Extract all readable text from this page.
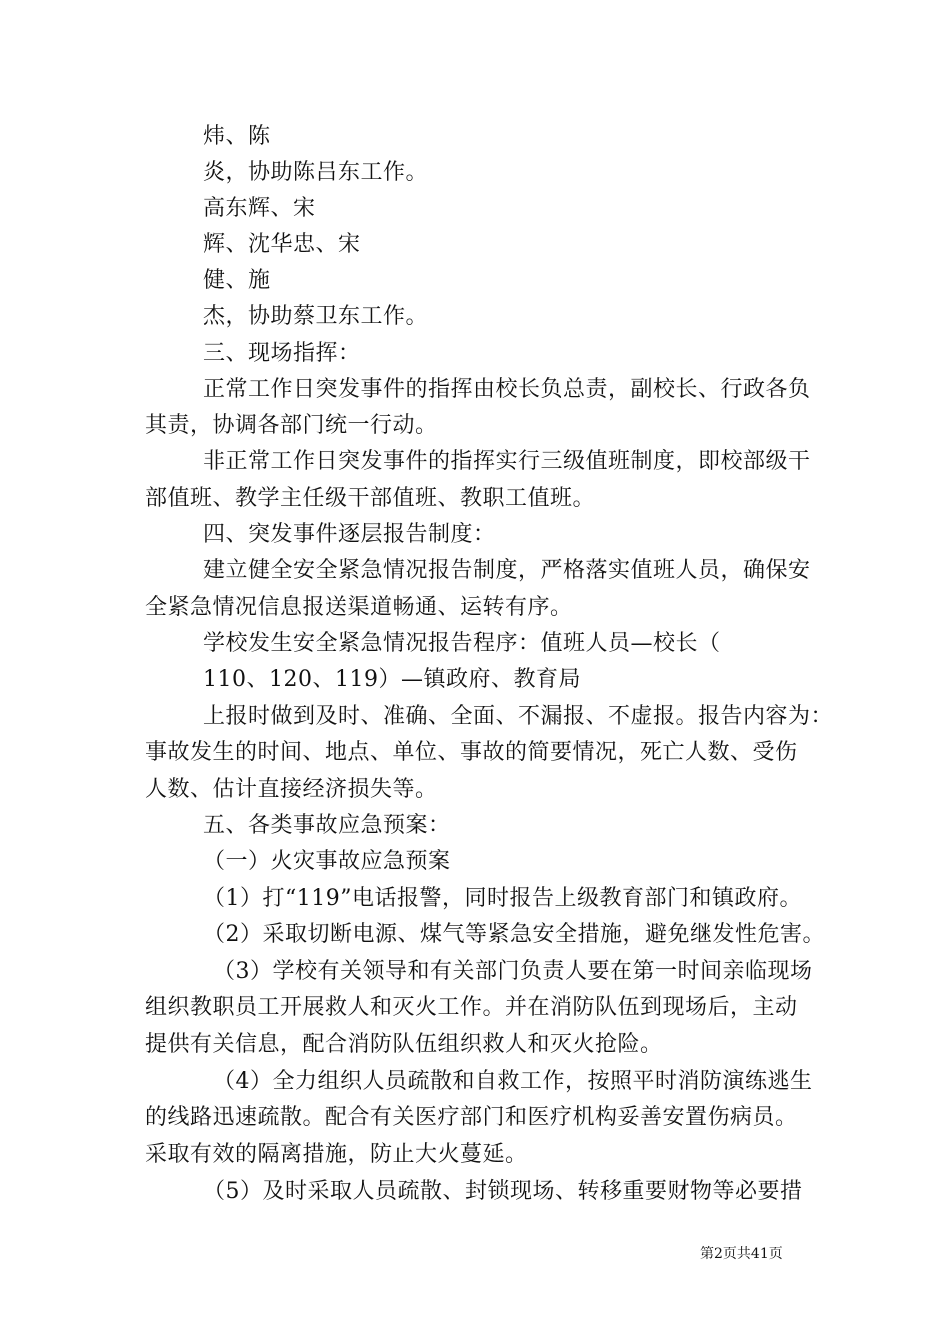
炜、陈
炎，协助陈吕东工作。
高东辉、宋
辉、沈华忠、宋
健、施
杰，协助蔡卫东工作。
三、现场指挥：
正常工作日突发事件的指挥由校长负总责，副校长、行政各负
其责，协调各部门统一行动。
非正常工作日突发事件的指挥实行三级值班制度，即校部级干
部值班、教学主任级干部值班、教职工值班。
四、突发事件逐层报告制度：
建立健全安全紧急情况报告制度，严格落实值班人员，确保安
全紧急情况信息报送渠道畅通、运转有序。
学校发生安全紧急情况报告程序：值班人员—校长（
110、120、119）—镇政府、教育局
上报时做到及时、准确、全面、不漏报、不虚报。报告内容为：
事故发生的时间、地点、单位、事故的简要情况，死亡人数、受伤
人数、估计直接经济损失等。
五、各类事故应急预案：
（一）火灾事故应急预案
（1）打“119”电话报警，同时报告上级教育部门和镇政府。
（2）采取切断电源、煤气等紧急安全措施，避免继发性危害。
（3）学校有关领导和有关部门负责人要在第一时间亲临现场
组织教职员工开展救人和灭火工作。并在消防队伍到现场后，主动
提供有关信息，配合消防队伍组织救人和灭火抢险。
（4）全力组织人员疏散和自救工作，按照平时消防演练逃生
的线路迅速疏散。配合有关医疗部门和医疗机构妥善安置伤病员。
采取有效的隔离措施，防止大火蔓延。
（5）及时采取人员疏散、封锁现场、转移重要财物等必要措
第2页共41页
